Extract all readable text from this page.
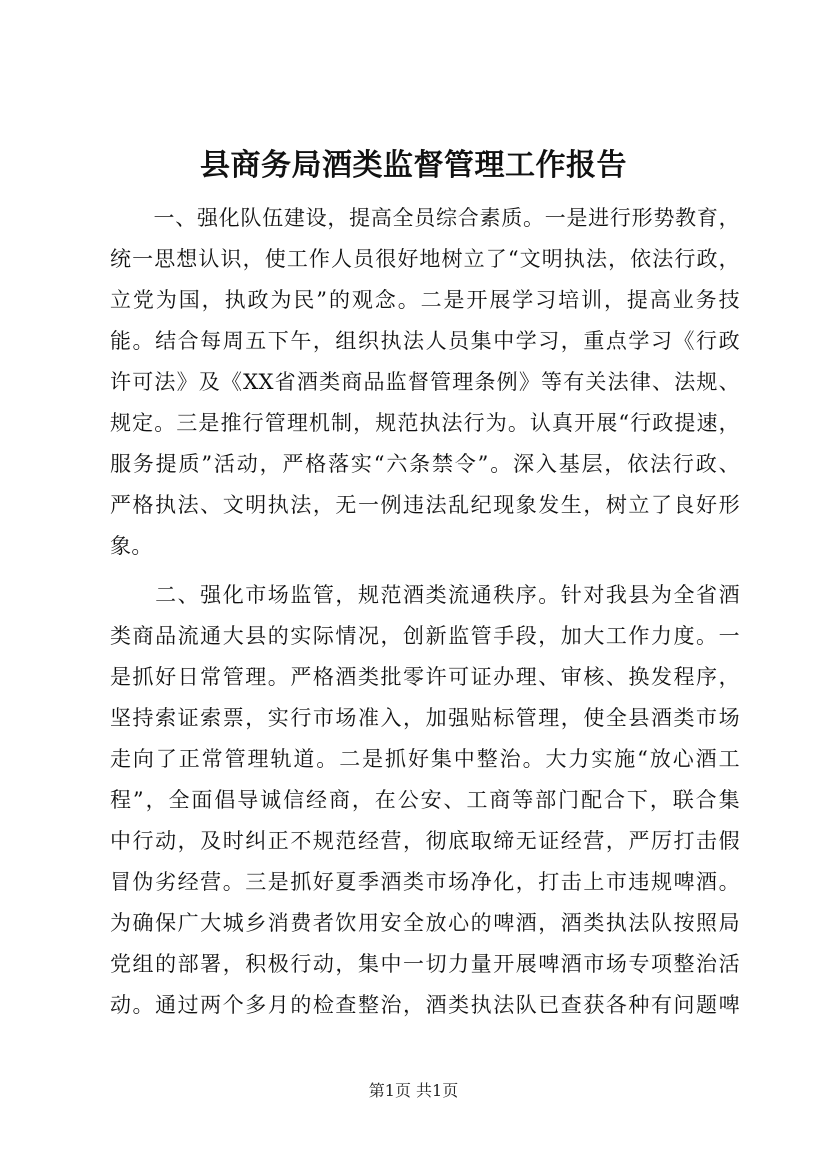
县商务局酒类监督管理工作报告
　　一、强化队伍建设，提高全员综合素质。一是进行形势教育，
统一思想认识，使工作人员很好地树立了“文明执法，依法行政，
立党为国，执政为民”的观念。二是开展学习培训，提高业务技
能。结合每周五下午，组织执法人员集中学习，重点学习《行政
许可法》及《XX省酒类商品监督管理条例》等有关法律、法规、
规定。三是推行管理机制，规范执法行为。认真开展“行政提速，
服务提质”活动，严格落实“六条禁令”。深入基层，依法行政、
严格执法、文明执法，无一例违法乱纪现象发生，树立了良好形
象。
　　二、强化市场监管，规范酒类流通秩序。针对我县为全省酒
类商品流通大县的实际情况，创新监管手段，加大工作力度。一
是抓好日常管理。严格酒类批零许可证办理、审核、换发程序，
坚持索证索票，实行市场准入，加强贴标管理，使全县酒类市场
走向了正常管理轨道。二是抓好集中整治。大力实施“放心酒工
程”，全面倡导诚信经商，在公安、工商等部门配合下，联合集
中行动，及时纠正不规范经营，彻底取缔无证经营，严厉打击假
冒伪劣经营。三是抓好夏季酒类市场净化，打击上市违规啤酒。
为确保广大城乡消费者饮用安全放心的啤酒，酒类执法队按照局
党组的部署，积极行动，集中一切力量开展啤酒市场专项整治活
动。通过两个多月的检查整治，酒类执法队已查获各种有问题啤
第1页 共1页
